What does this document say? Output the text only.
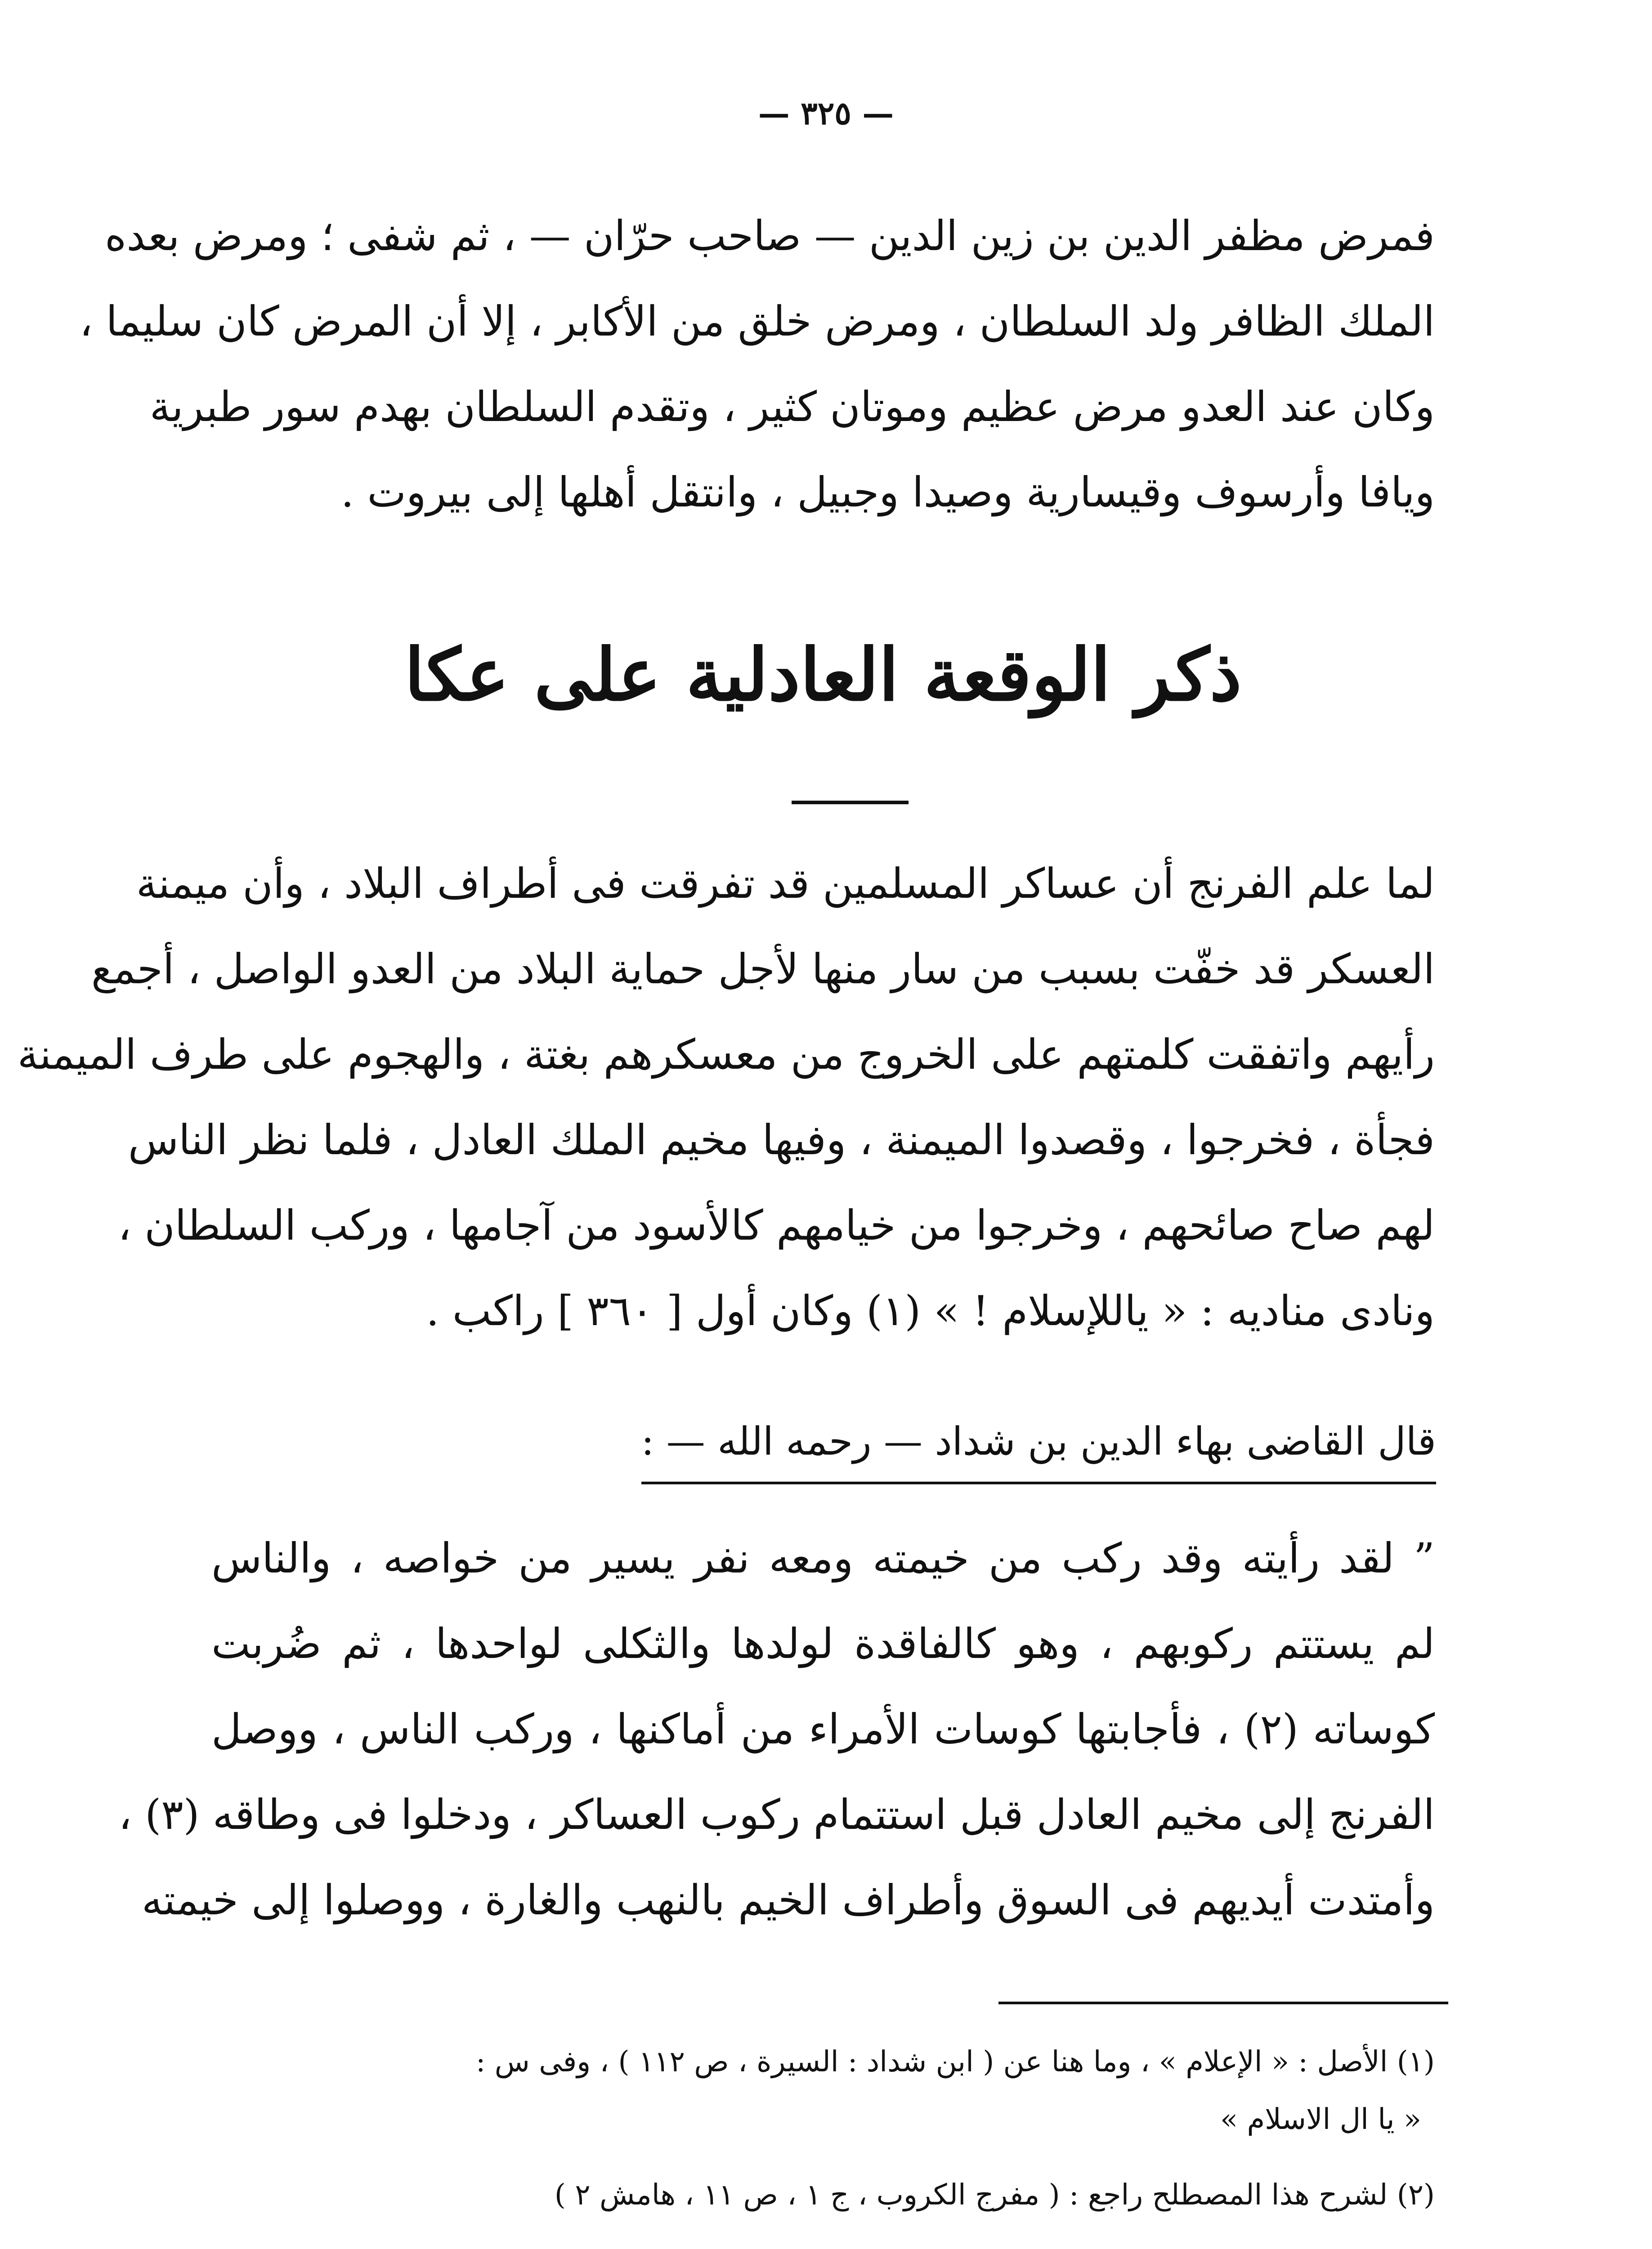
— ٣٢٥ —
فمرض مظفر الدين بن زين الدين — صاحب حرّان — ، ثم شفى ؛ ومرض بعده
الملك الظافر ولد السلطان ، ومرض خلق من الأكابر ، إلا أن المرض كان سليما ،
وكان عند العدو مرض عظيم وموتان كثير ، وتقدم السلطان بهدم سور طبرية
ويافا وأرسوف وقيسارية وصيدا وجبيل ، وانتقل أهلها إلى بيروت .
ذكر الوقعة العادلية على عكا
لما علم الفرنج أن عساكر المسلمين قد تفرقت فى أطراف البلاد ، وأن ميمنة
العسكر قد خفّت بسبب من سار منها لأجل حماية البلاد من العدو الواصل ، أجمع
رأيهم واتفقت كلمتهم على الخروج من معسكرهم بغتة ، والهجوم على طرف الميمنة
فجأة ، فخرجوا ، وقصدوا الميمنة ، وفيها مخيم الملك العادل ، فلما نظر الناس
لهم صاح صائحهم ، وخرجوا من خيامهم كالأسود من آجامها ، وركب السلطان ،
ونادى مناديه : « ياللإسلام ! » (١) وكان أول [ ٣٦٠ ] راكب .
قال القاضى بهاء الدين بن شداد — رحمه الله — :
” لقد رأيته وقد ركب من خيمته ومعه نفر يسير من خواصه ، والناس
لم يستتم ركوبهم ، وهو كالفاقدة لولدها والثكلى لواحدها ، ثم ضُربت
كوساته (٢) ، فأجابتها كوسات الأمراء من أماكنها ، وركب الناس ، ووصل
الفرنج إلى مخيم العادل قبل استتمام ركوب العساكر ، ودخلوا فى وطاقه (٣) ،
وأمتدت أيديهم فى السوق وأطراف الخيم بالنهب والغارة ، ووصلوا إلى خيمته
(١) الأصل : « الإعلام » ، وما هنا عن ( ابن شداد : السيرة ، ص ١١٢ ) ، وفى س :
« يا ال الاسلام »
(٢) لشرح هذا المصطلح راجع : ( مفرج الكروب ، ج ١ ، ص ١١ ، هامش ٢ )
